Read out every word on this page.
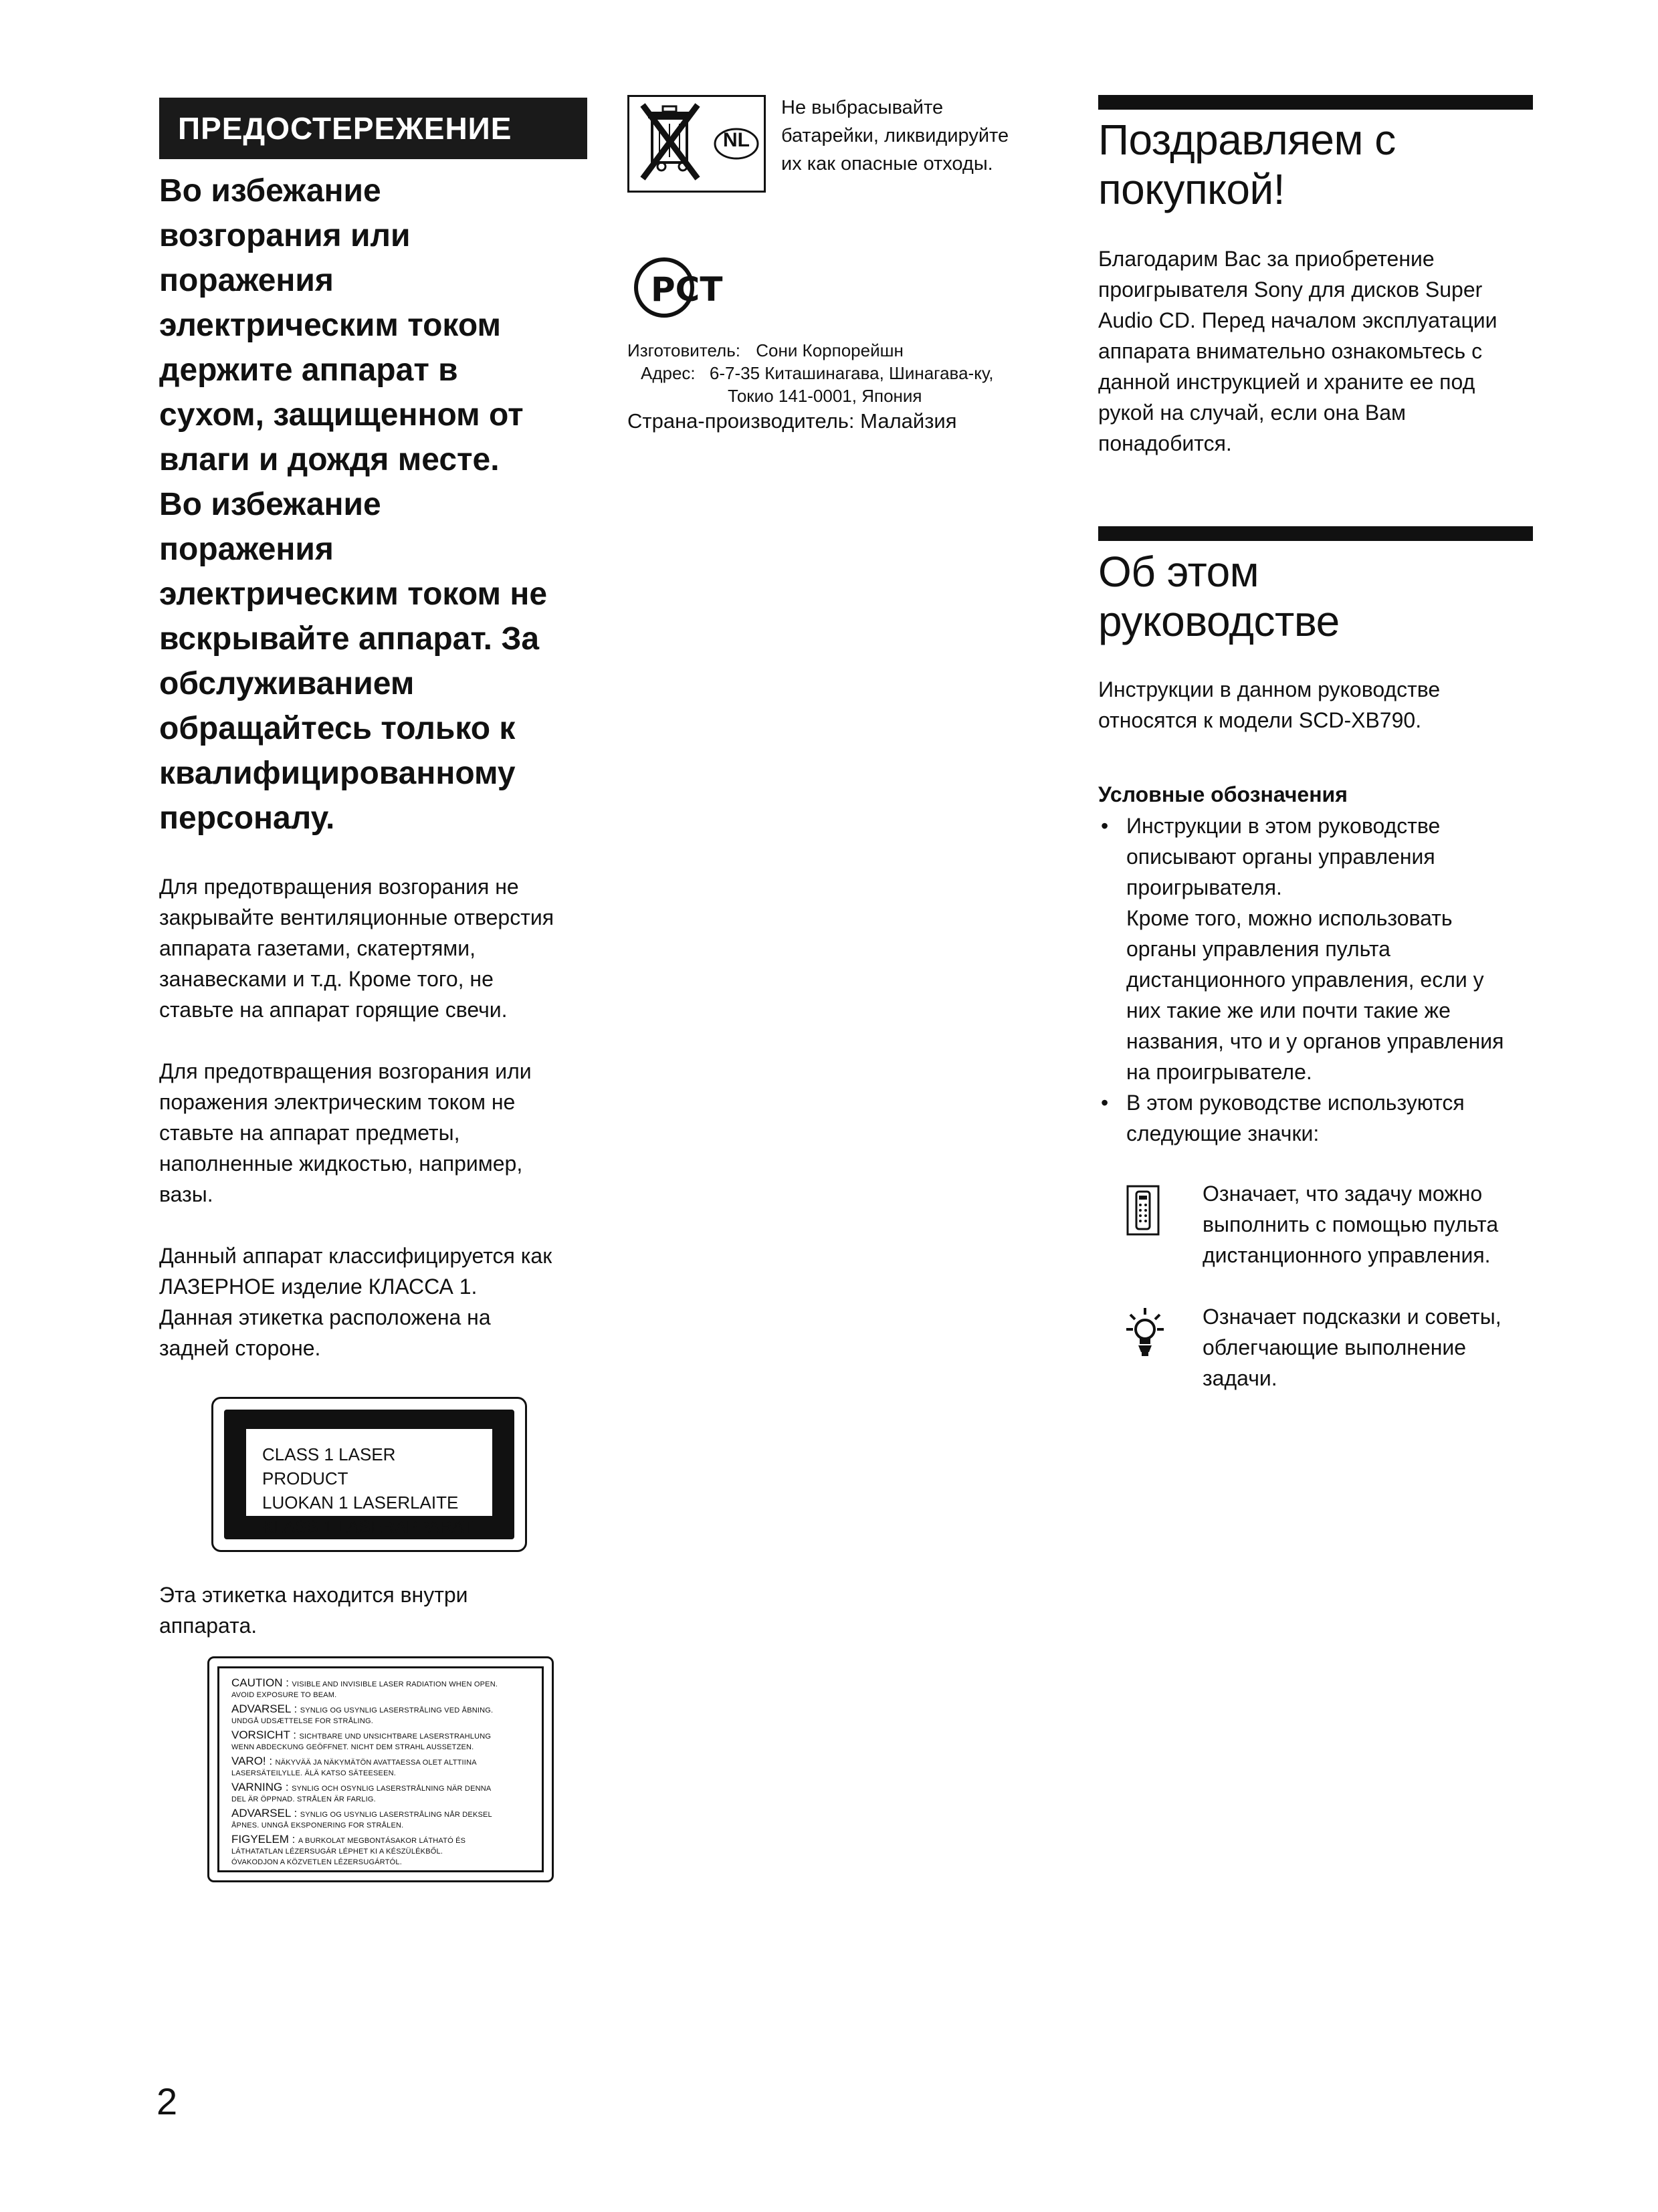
ПРЕДОСТЕРЕЖЕНИЕ

Во избежание

возгорания или

поражения

электрическим током

держите аппарат в

сухом, защищенном от

влаги и дождя месте.

Во избежание

поражения

электрическим током не

вскрывайте аппарат. За

обслуживанием

обращайтесь только к

квалифицированному

персоналу.

Для предотвращения возгорания не

закрывайте вентиляционные отверстия

аппарата газетами, скатертями,

занавесками и т.д. Кроме того, не

ставьте на аппарат горящие свечи.

Для предотвращения возгорания или

поражения электрическим током не

ставьте на аппарат предметы,

наполненные жидкостью, например,

вазы.

Данный аппарат классифицируется как

ЛАЗЕРНОЕ изделие КЛАССА 1.

Данная этикетка расположена на

задней стороне.

CLASS 1 LASER PRODUCT
LUOKAN 1 LASERLAITE
KLASS 1 LASERAPPARAT

Эта этикетка находится внутри

аппарата.

CAUTION : VISIBLE AND INVISIBLE LASER RADIATION WHEN OPEN.
AVOID EXPOSURE TO BEAM.
ADVARSEL : SYNLIG OG USYNLIG LASERSTRÅLING VED ÅBNING.
UNDGÅ UDSÆTTELSE FOR STRÅLING.
VORSICHT : SICHTBARE UND UNSICHTBARE LASERSTRAHLUNG
WENN ABDECKUNG GEÖFFNET. NICHT DEM STRAHL AUSSETZEN.
VARO! : NÄKYVÄÄ JA NÄKYMÄTÖN AVATTAESSA OLET ALTTIINA
LASERSÄTEILYLLE. ÄLÄ KATSO SÄTEESEEN.
VARNING : SYNLIG OCH OSYNLIG LASERSTRÅLNING NÄR DENNA
DEL ÄR ÖPPNAD. STRÅLEN ÄR FARLIG.
ADVARSEL : SYNLIG OG USYNLIG LASERSTRÅLING NÅR DEKSEL
ÅPNES. UNNGÅ EKSPONERING FOR STRÅLEN.
FIGYELEM : A BURKOLAT MEGBONTÁSAKOR LÁTHATÓ ÉS
LÁTHATATLAN LÉZERSUGÁR LÉPHET KI A KÉSZÜLÉKBŐL.
ÓVAKODJON A KÖZVETLEN LÉZERSUGÁRTÓL.
2
NL

Не выбрасывайте

батарейки, ликвидируйте

их как опасные отходы.

РСТ
Изготовитель: Сони Корпорейшн
Адрес: 6-7-35 Киташинагава, Шинагава-ку,
Токио 141-0001, Япония
Страна-производитель: Малайзия
Поздравляем с
покупкой!

Благодарим Вас за приобретение

проигрывателя Sony для дисков Super

Audio CD. Перед началом эксплуатации

аппарата внимательно ознакомьтесь с

данной инструкцией и храните ее под

рукой на случай, если она Вам

понадобится.

Об этом
руководстве

Инструкции в данном руководстве

относятся к модели SCD-XB790.

Условные обозначения
• Инструкции в этом руководстве
описывают органы управления
проигрывателя.
Кроме того, можно использовать
органы управления пульта
дистанционного управления, если у
них такие же или почти такие же
названия, что и у органов управления
на проигрывателе.
• В этом руководстве используются
следующие значки:
Означает, что задачу можно
выполнить с помощью пульта
дистанционного управления.
Означает подсказки и советы,
облегчающие выполнение
задачи.
